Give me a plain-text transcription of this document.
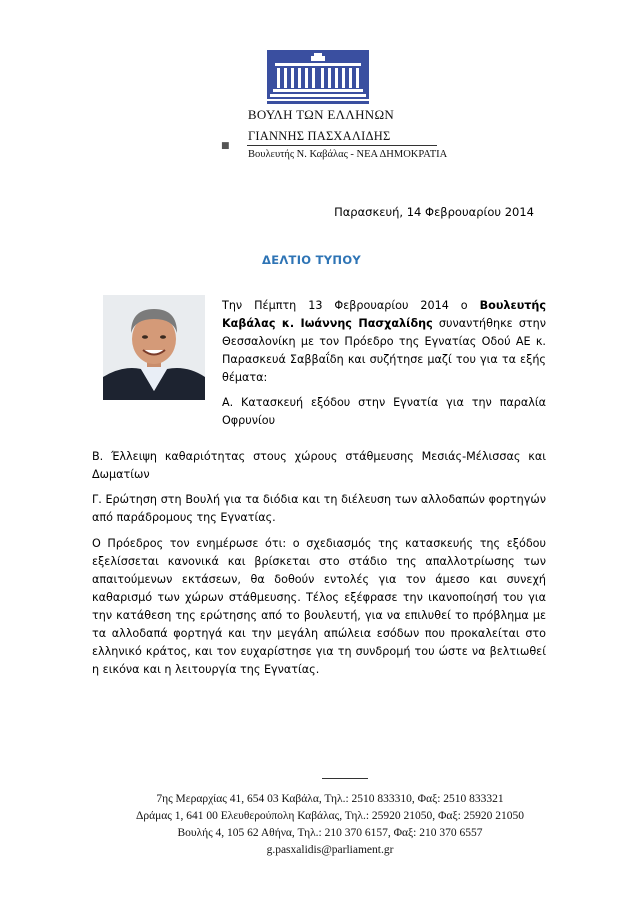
ΒΟΥΛΗ ΤΩΝ ΕΛΛΗΝΩΝ
■
ΓΙΑΝΝΗΣ ΠΑΣΧΑΛΙΔΗΣ
Βουλευτής Ν. Καβάλας - ΝΕΑ ΔΗΜΟΚΡΑΤΙΑ
Παρασκευή, 14 Φεβρουαρίου 2014
ΔΕΛΤΙΟ ΤΥΠΟΥ
Την Πέμπτη 13 Φεβρουαρίου 2014 ο Βουλευτής Καβάλας κ. Ιωάννης Πασχαλίδης συναντήθηκε στην Θεσσαλονίκη με τον Πρόεδρο της Εγνατίας Οδού ΑΕ κ. Παρασκευά Σαββαΐδη και συζήτησε μαζί του για τα εξής θέματα:
Α. Κατασκευή εξόδου στην Εγνατία για την παραλία Οφρυνίου
Β. Έλλειψη καθαριότητας στους χώρους στάθμευσης Μεσιάς-Μέλισσας και Δωματίων
Γ. Ερώτηση στη Βουλή για τα διόδια και τη διέλευση των αλλοδαπών φορτηγών από παράδρομους της Εγνατίας.
Ο Πρόεδρος τον ενημέρωσε ότι: ο σχεδιασμός της κατασκευής της εξόδου εξελίσσεται κανονικά και βρίσκεται στο στάδιο της απαλλοτρίωσης των απαιτούμενων εκτάσεων, θα δοθούν εντολές για τον άμεσο και συνεχή καθαρισμό των χώρων στάθμευσης. Τέλος εξέφρασε την ικανοποίησή του για την κατάθεση της ερώτησης από το βουλευτή, για να επιλυθεί το πρόβλημα με τα αλλοδαπά φορτηγά και την μεγάλη απώλεια εσόδων που προκαλείται στο ελληνικό κράτος, και τον ευχαρίστησε για τη συνδρομή του ώστε να βελτιωθεί η εικόνα και η λειτουργία της Εγνατίας.
7ης Μεραρχίας 41, 654 03 Καβάλα, Τηλ.: 2510 833310, Φαξ: 2510 833321
Δράμας 1, 641 00 Ελευθερούπολη Καβάλας, Τηλ.: 25920 21050, Φαξ: 25920 21050
Βουλής 4, 105 62 Αθήνα, Τηλ.: 210 370 6157, Φαξ: 210 370 6557
g.pasxalidis@parliament.gr
